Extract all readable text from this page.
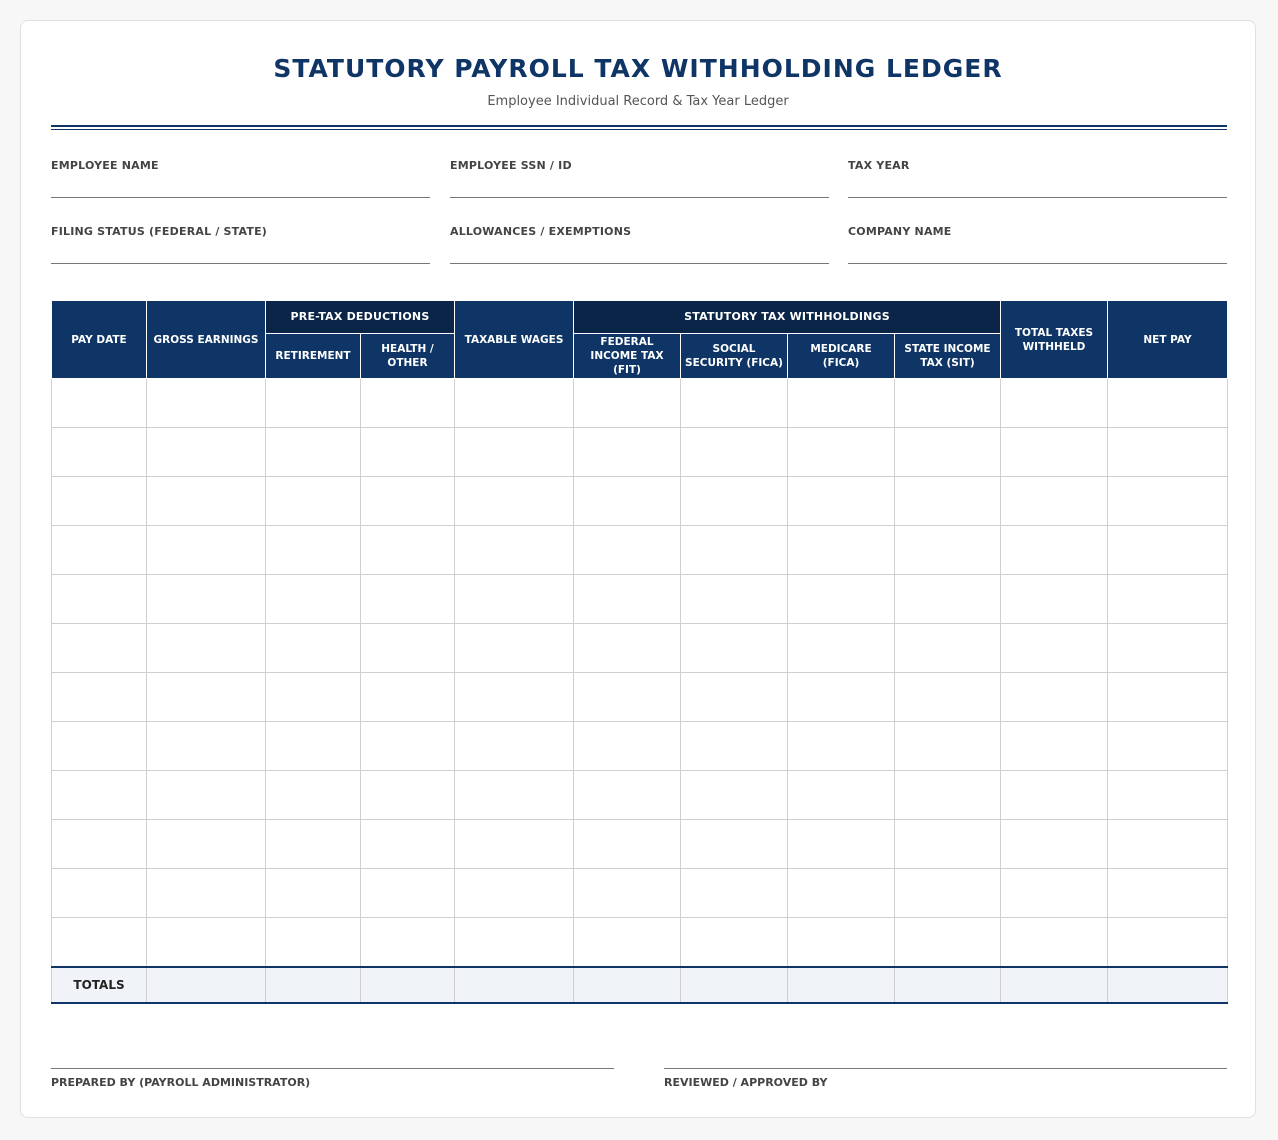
STATUTORY PAYROLL TAX WITHHOLDING LEDGER
Employee Individual Record & Tax Year Ledger
EMPLOYEE NAME	EMPLOYEE SSN / ID	TAX YEAR
FILING STATUS (FEDERAL / STATE)	ALLOWANCES / EXEMPTIONS	COMPANY NAME
PAY DATE	GROSS EARNINGS	PRE-TAX DEDUCTIONS		TAXABLE WAGES	STATUTORY TAX WITHHOLDINGS				TOTAL TAXES WITHHELD	NET PAY
		RETIREMENT	HEALTH / OTHER		FEDERAL INCOME TAX (FIT)	SOCIAL SECURITY (FICA)	MEDICARE (FICA)	STATE INCOME TAX (SIT)		

TOTALS										
PREPARED BY (PAYROLL ADMINISTRATOR)	REVIEWED / APPROVED BY
